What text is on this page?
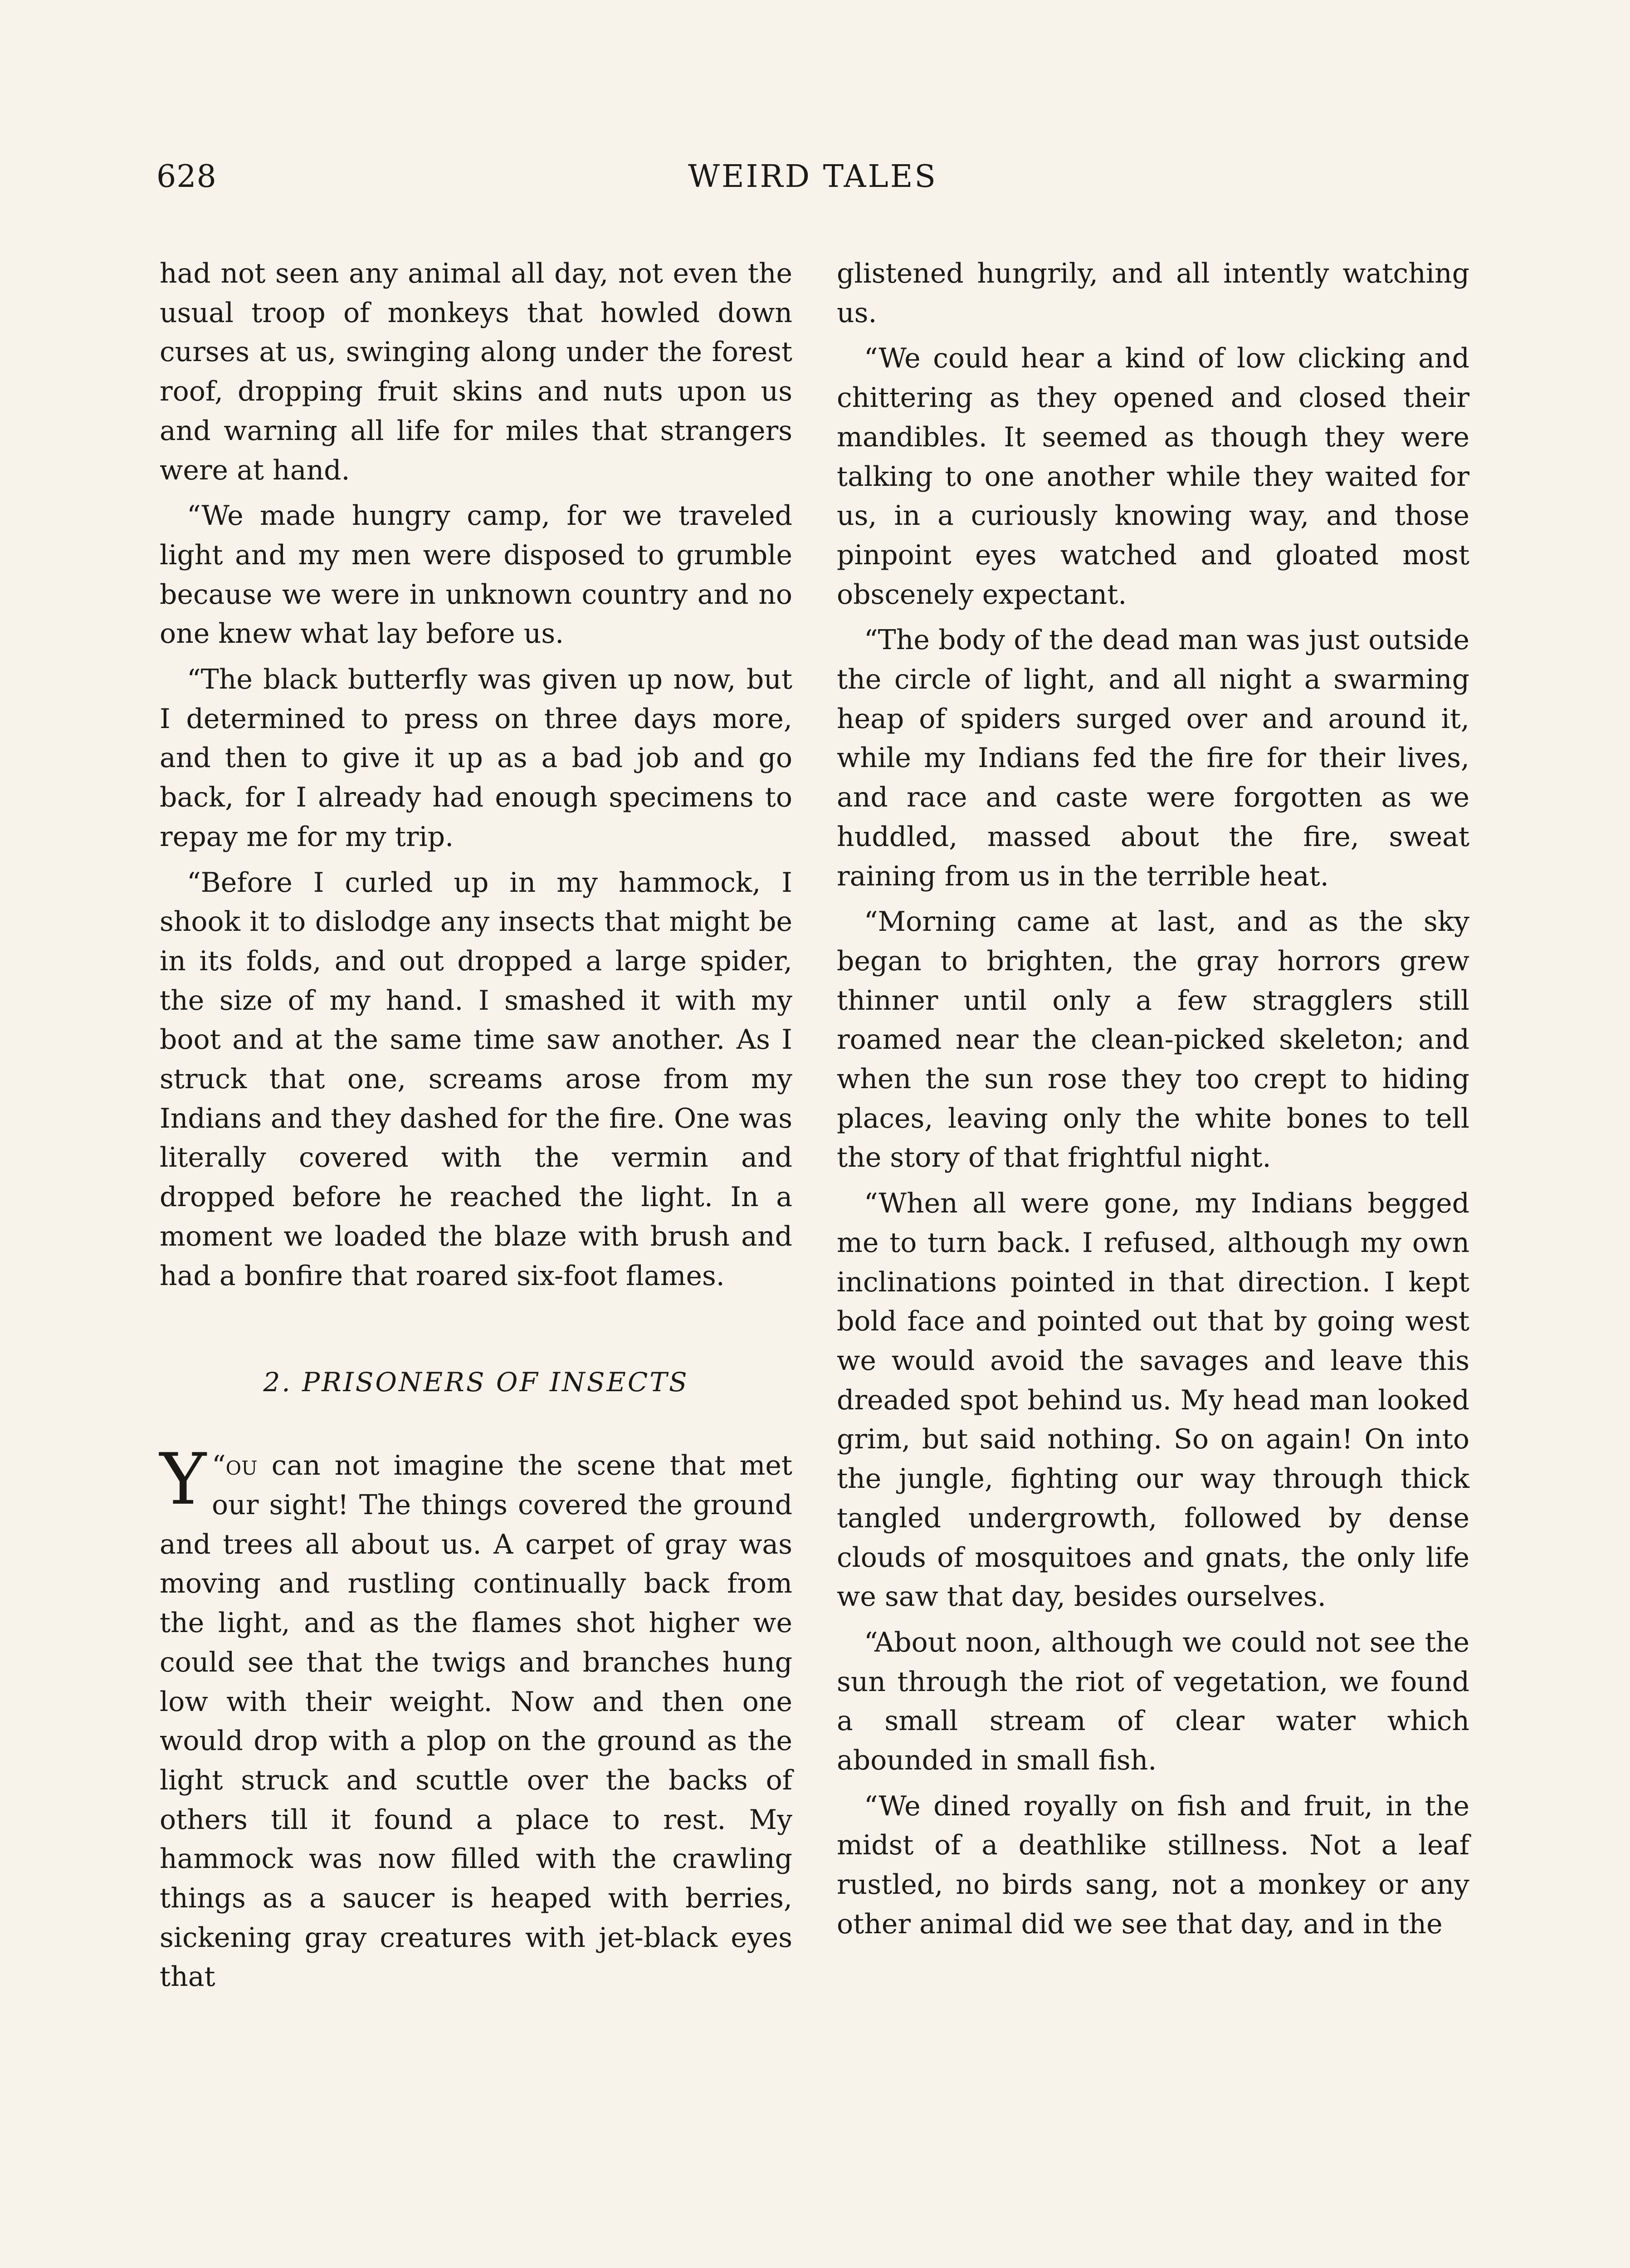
628	WEIRD TALES

had not seen any animal all day, not even the usual troop of monkeys that howled down curses at us, swinging along under the forest roof, dropping fruit skins and nuts upon us and warning all life for miles that strangers were at hand.

“We made hungry camp, for we traveled light and my men were disposed to grumble because we were in unknown country and no one knew what lay before us.

“The black butterfly was given up now, but I determined to press on three days more, and then to give it up as a bad job and go back, for I already had enough specimens to repay me for my trip.

“Before I curled up in my hammock, I shook it to dislodge any insects that might be in its folds, and out dropped a large spider, the size of my hand. I smashed it with my boot and at the same time saw another. As I struck that one, screams arose from my Indians and they dashed for the fire. One was literally covered with the vermin and dropped before he reached the light. In a moment we loaded the blaze with brush and had a bonfire that roared six-foot flames.

2. PRISONERS OF INSECTS

“
Y ou can not imagine the scene that met our sight! The things covered the ground and trees all about us. A carpet of gray was moving and rustling continually back from the light, and as the flames shot higher we could see that the twigs and branches hung low with their weight. Now and then one would drop with a plop on the ground as the light struck and scuttle over the backs of others till it found a place to rest. My hammock was now filled with the crawling things as a saucer is heaped with berries, sickening gray creatures with jet-black eyes that

glistened hungrily, and all intently watching us.

“We could hear a kind of low clicking and chittering as they opened and closed their mandibles. It seemed as though they were talking to one another while they waited for us, in a curiously knowing way, and those pinpoint eyes watched and gloated most obscenely expectant.

“The body of the dead man was just outside the circle of light, and all night a swarming heap of spiders surged over and around it, while my Indians fed the fire for their lives, and race and caste were forgotten as we huddled, massed about the fire, sweat raining from us in the terrible heat.

“Morning came at last, and as the sky began to brighten, the gray horrors grew thinner until only a few stragglers still roamed near the clean-picked skeleton; and when the sun rose they too crept to hiding places, leaving only the white bones to tell the story of that frightful night.

“When all were gone, my Indians begged me to turn back. I refused, although my own inclinations pointed in that direction. I kept bold face and pointed out that by going west we would avoid the savages and leave this dreaded spot behind us. My head man looked grim, but said nothing. So on again! On into the jungle, fighting our way through thick tangled undergrowth, followed by dense clouds of mosquitoes and gnats, the only life we saw that day, besides ourselves.

“About noon, although we could not see the sun through the riot of vegetation, we found a small stream of clear water which abounded in small fish.

“We dined royally on fish and fruit, in the midst of a deathlike stillness. Not a leaf rustled, no birds sang, not a monkey or any other animal did we see that day, and in the
